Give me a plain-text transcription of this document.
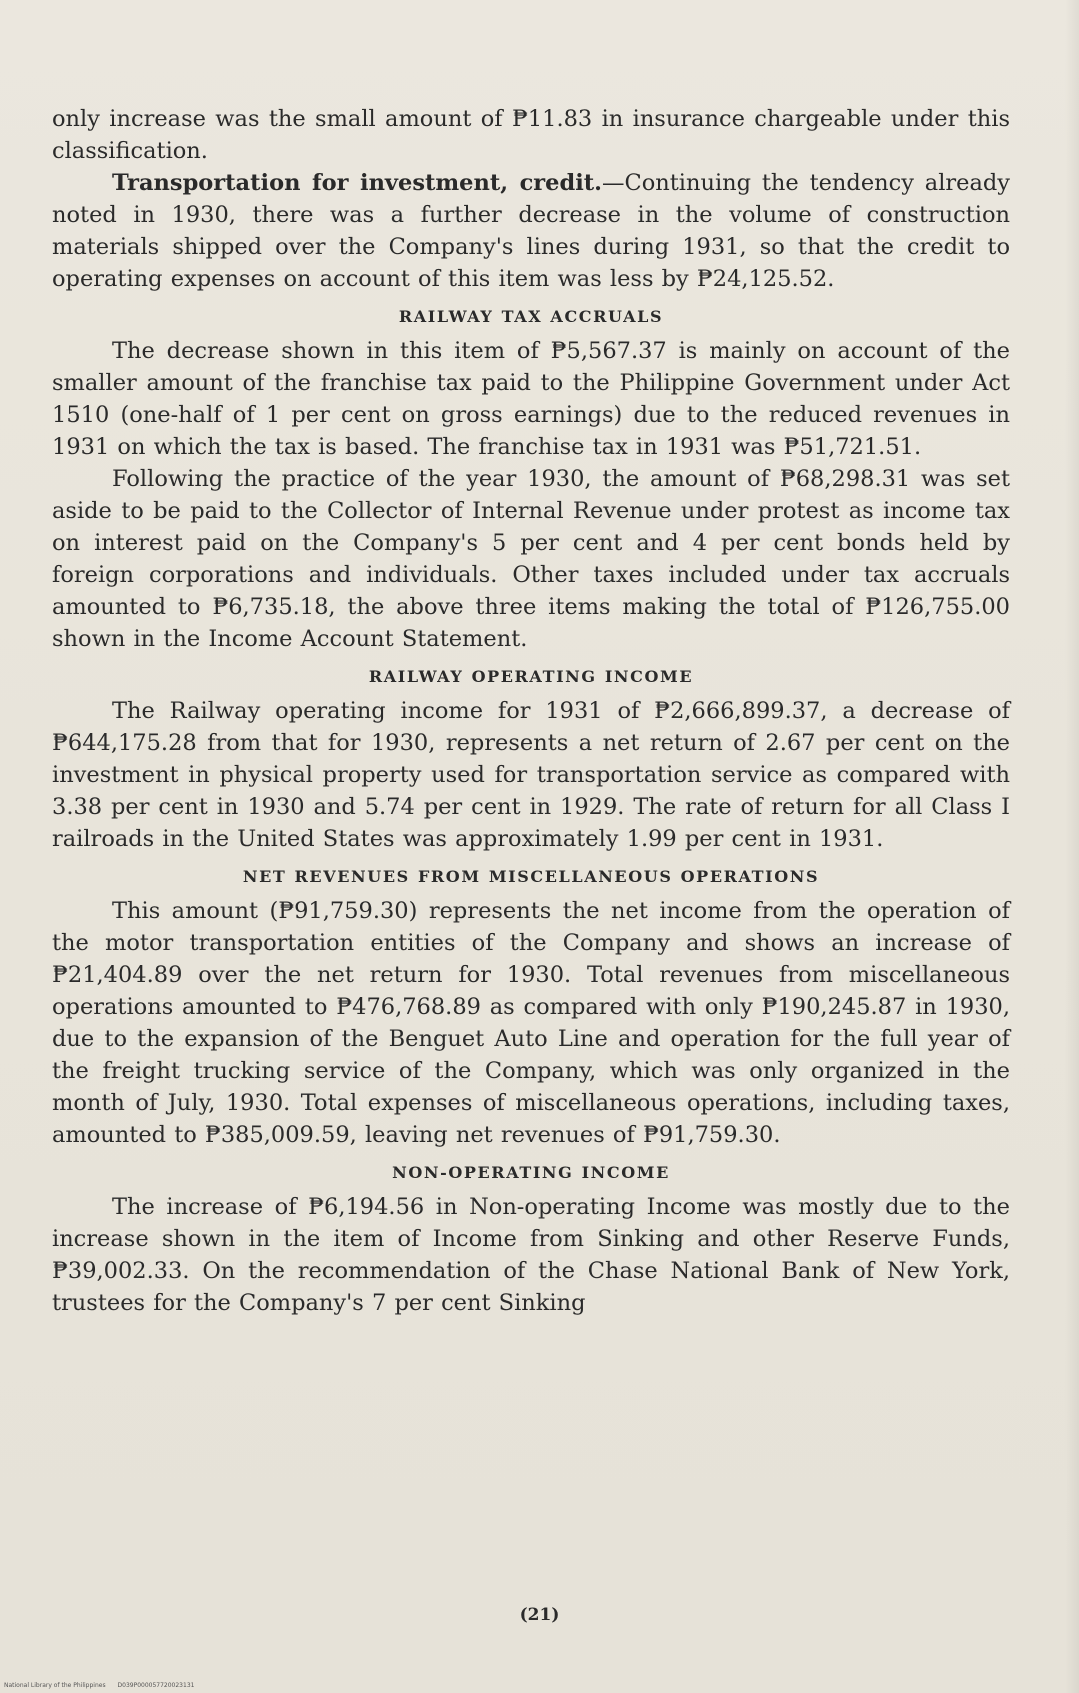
only increase was the small amount of ₱11.83 in insurance chargeable under this classification.

Transportation for investment, credit.—Continuing the tendency already noted in 1930, there was a further decrease in the volume of construction materials shipped over the Company's lines during 1931, so that the credit to operating expenses on account of this item was less by ₱24,125.52.

RAILWAY TAX ACCRUALS

The decrease shown in this item of ₱5,567.37 is mainly on account of the smaller amount of the franchise tax paid to the Philippine Government under Act 1510 (one-half of 1 per cent on gross earnings) due to the reduced revenues in 1931 on which the tax is based. The franchise tax in 1931 was ₱51,721.51.

Following the practice of the year 1930, the amount of ₱68,298.31 was set aside to be paid to the Collector of Internal Revenue under protest as income tax on interest paid on the Company's 5 per cent and 4 per cent bonds held by foreign corporations and individuals. Other taxes included under tax accruals amounted to ₱6,735.18, the above three items making the total of ₱126,755.00 shown in the Income Account Statement.

RAILWAY OPERATING INCOME

The Railway operating income for 1931 of ₱2,666,899.37, a decrease of ₱644,175.28 from that for 1930, represents a net return of 2.67 per cent on the investment in physical property used for transportation service as compared with 3.38 per cent in 1930 and 5.74 per cent in 1929. The rate of return for all Class I railroads in the United States was approximately 1.99 per cent in 1931.

NET REVENUES FROM MISCELLANEOUS OPERATIONS

This amount (₱91,759.30) represents the net income from the operation of the motor transportation entities of the Company and shows an increase of ₱21,404.89 over the net return for 1930. Total revenues from miscellaneous operations amounted to ₱476,768.89 as compared with only ₱190,245.87 in 1930, due to the expansion of the Benguet Auto Line and operation for the full year of the freight trucking service of the Company, which was only organized in the month of July, 1930. Total expenses of miscellaneous operations, including taxes, amounted to ₱385,009.59, leaving net revenues of ₱91,759.30.

NON-OPERATING INCOME

The increase of ₱6,194.56 in Non-operating Income was mostly due to the increase shown in the item of Income from Sinking and other Reserve Funds, ₱39,002.33. On the recommendation of the Chase National Bank of New York, trustees for the Company's 7 per cent Sinking

(21)
National Library of the Philippines D039P000057720023131
